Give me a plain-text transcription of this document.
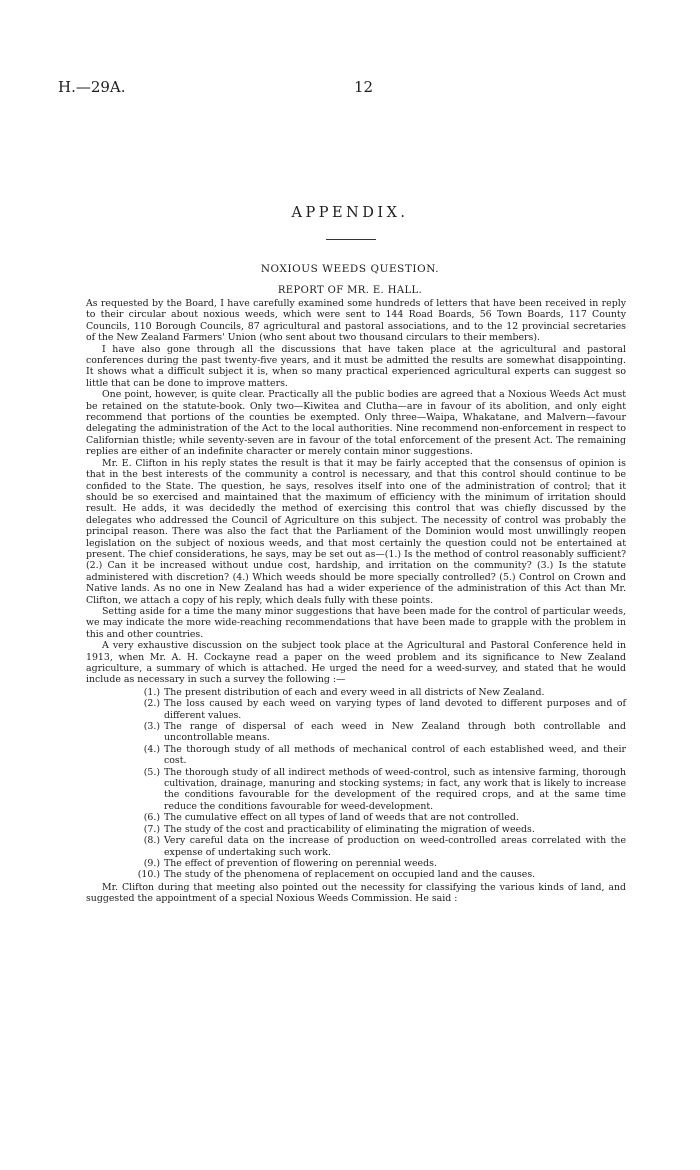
H.—29A.	12
APPENDIX.
NOXIOUS WEEDS QUESTION.
REPORT OF MR. E. HALL.

As requested by the Board, I have carefully examined some hundreds of letters that have been received in reply to their circular about noxious weeds, which were sent to 144 Road Boards, 56 Town Boards, 117 County Councils, 110 Borough Councils, 87 agricultural and pastoral associations, and to the 12 provincial secretaries of the New Zealand Farmers' Union (who sent about two thousand circulars to their members).

I have also gone through all the discussions that have taken place at the agricultural and pastoral conferences during the past twenty-five years, and it must be admitted the results are somewhat disappointing. It shows what a difficult subject it is, when so many practical experienced agricultural experts can suggest so little that can be done to improve matters.

One point, however, is quite clear. Practically all the public bodies are agreed that a Noxious Weeds Act must be retained on the statute-book. Only two—Kiwitea and Clutha—are in favour of its abolition, and only eight recommend that portions of the counties be exempted. Only three—Waipa, Whakatane, and Malvern—favour delegating the administration of the Act to the local authorities. Nine recommend non-enforcement in respect to Californian thistle; while seventy-seven are in favour of the total enforcement of the present Act. The remaining replies are either of an indefinite character or merely contain minor suggestions.

Mr. E. Clifton in his reply states the result is that it may be fairly accepted that the consensus of opinion is that in the best interests of the community a control is necessary, and that this control should continue to be confided to the State. The question, he says, resolves itself into one of the administration of control; that it should be so exercised and maintained that the maximum of efficiency with the minimum of irritation should result. He adds, it was decidedly the method of exercising this control that was chiefly discussed by the delegates who addressed the Council of Agriculture on this subject. The necessity of control was probably the principal reason. There was also the fact that the Parliament of the Dominion would most unwillingly reopen legislation on the subject of noxious weeds, and that most certainly the question could not be entertained at present. The chief considerations, he says, may be set out as—(1.) Is the method of control reasonably sufficient? (2.) Can it be increased without undue cost, hardship, and irritation on the community? (3.) Is the statute administered with discretion? (4.) Which weeds should be more specially controlled? (5.) Control on Crown and Native lands. As no one in New Zealand has had a wider experience of the administration of this Act than Mr. Clifton, we attach a copy of his reply, which deals fully with these points.

Setting aside for a time the many minor suggestions that have been made for the control of particular weeds, we may indicate the more wide-reaching recommendations that have been made to grapple with the problem in this and other countries.

A very exhaustive discussion on the subject took place at the Agricultural and Pastoral Conference held in 1913, when Mr. A. H. Cockayne read a paper on the weed problem and its significance to New Zealand agriculture, a summary of which is attached. He urged the need for a weed-survey, and stated that he would include as necessary in such a survey the following :—

(1.) The present distribution of each and every weed in all districts of New Zealand.
(2.) The loss caused by each weed on varying types of land devoted to different purposes and of different values.
(3.) The range of dispersal of each weed in New Zealand through both controllable and uncontrollable means.
(4.) The thorough study of all methods of mechanical control of each established weed, and their cost.
(5.) The thorough study of all indirect methods of weed-control, such as intensive farming, thorough cultivation, drainage, manuring and stocking systems; in fact, any work that is likely to increase the conditions favourable for the development of the required crops, and at the same time reduce the conditions favourable for weed-development.
(6.) The cumulative effect on all types of land of weeds that are not controlled.
(7.) The study of the cost and practicability of eliminating the migration of weeds.
(8.) Very careful data on the increase of production on weed-controlled areas correlated with the expense of undertaking such work.
(9.) The effect of prevention of flowering on perennial weeds.
(10.) The study of the phenomena of replacement on occupied land and the causes.

Mr. Clifton during that meeting also pointed out the necessity for classifying the various kinds of land, and suggested the appointment of a special Noxious Weeds Commission. He said :
